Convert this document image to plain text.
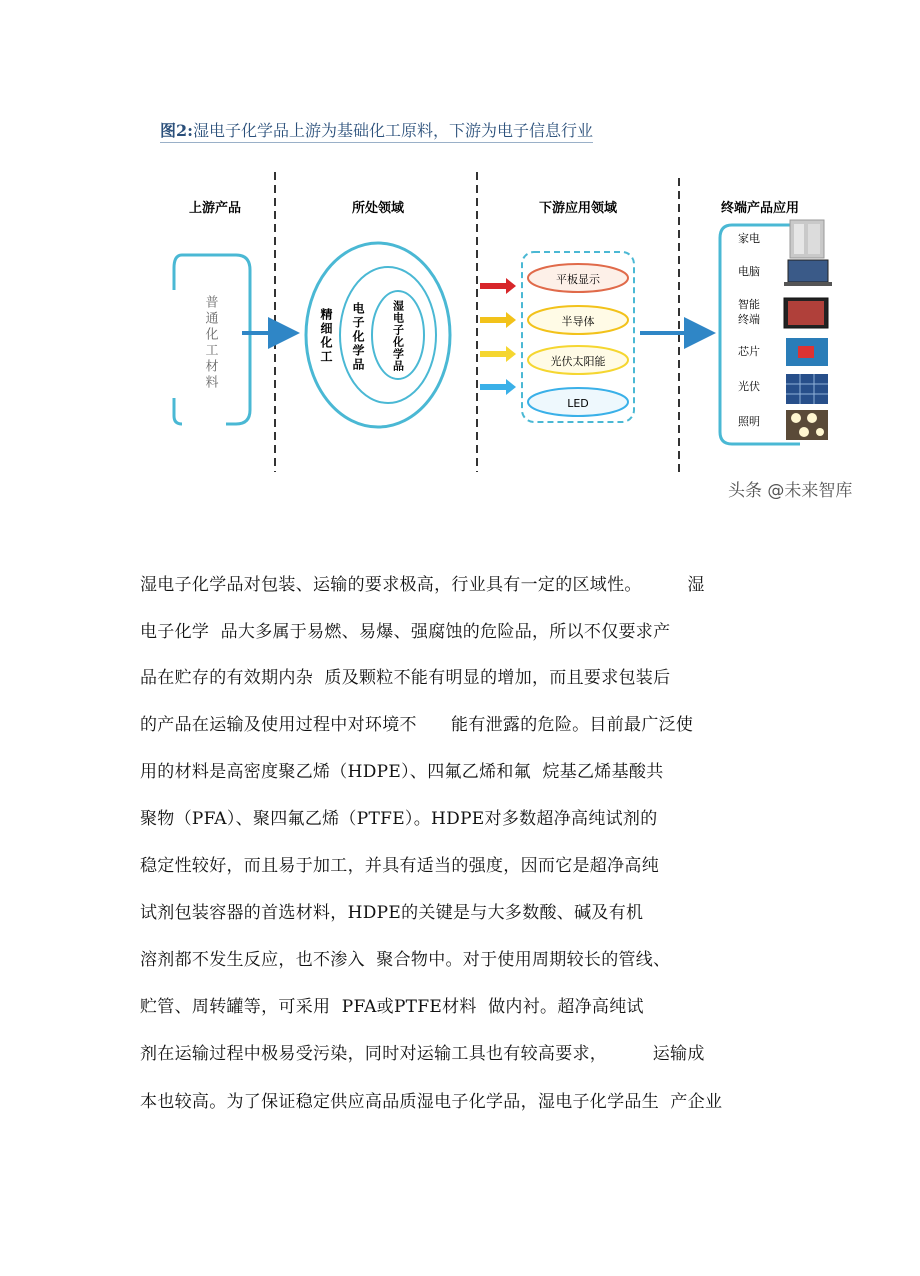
图2:湿电子化学品上游为基础化工原料，下游为电子信息行业
上游产品	所处领域	下游应用领域	终端产品应用
普通化工材料	精细化工 电子化学品 湿电子化学品
平板显示
半导体
光伏太阳能
LED
家电
电脑
智能
终端
芯片
光伏
照明
头条 @未来智库
湿电子化学品对包装、运输的要求极高，行业具有一定的区域性。        湿
电子化学  品大多属于易燃、易爆、强腐蚀的危险品，所以不仅要求产
品在贮存的有效期内杂  质及颗粒不能有明显的增加，而且要求包装后
的产品在运输及使用过程中对环境不      能有泄露的危险。目前最广泛使
用的材料是高密度聚乙烯（HDPE）、四氟乙烯和氟  烷基乙烯基酸共
聚物（PFA）、聚四氟乙烯（PTFE）。HDPE对多数超净高纯试剂的
稳定性较好，而且易于加工，并具有适当的强度，因而它是超净高纯
试剂包装容器的首选材料，HDPE的关键是与大多数酸、碱及有机
溶剂都不发生反应，也不渗入  聚合物中。对于使用周期较长的管线、
贮管、周转罐等，可采用  PFA或PTFE材料  做内衬。超净高纯试
剂在运输过程中极易受污染，同时对运输工具也有较高要求，        运输成
本也较高。为了保证稳定供应高品质湿电子化学品，湿电子化学品生  产企业
